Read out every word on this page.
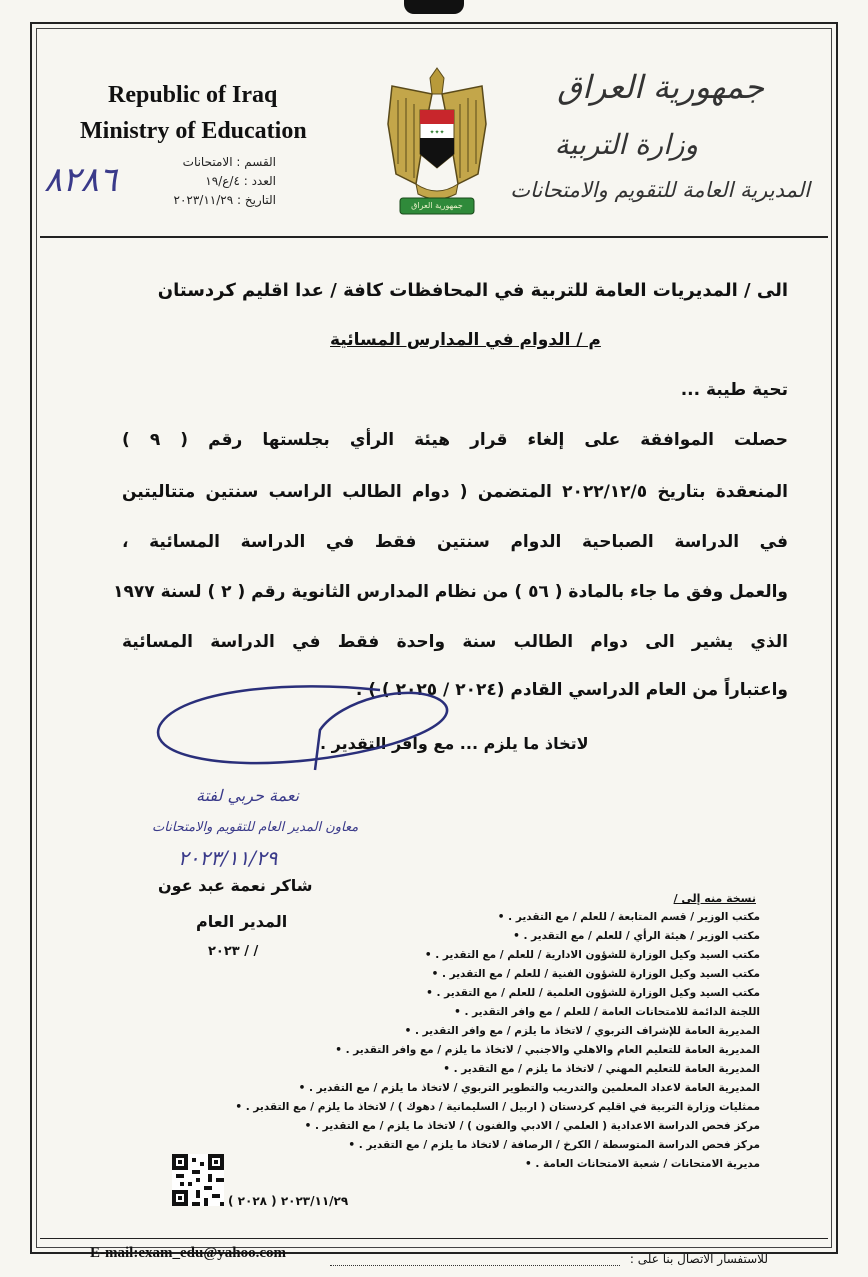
Republic of Iraq
Ministry of Education
القسم : الامتحانات
العدد : ٤/ع/١٩
التاريخ : ٢٠٢٣/١١/٢٩
٨٢٨٦
✦✦✦
جمهورية العراق
جمهورية العراق
وزارة التربية
المديرية العامة للتقويم والامتحانات
الى / المديريات العامة للتربية في المحافظات كافة / عدا اقليم كردستان
م / الدوام في المدارس المسائية
تحية طيبة ...
حصلت الموافقة على إلغاء قرار هيئة الرأي بجلستها رقم ( ٩ )
المنعقدة بتاريخ ٢٠٢٢/١٢/٥ المتضمن ( دوام الطالب الراسب سنتين متتاليتين
في الدراسة الصباحية الدوام سنتين فقط في الدراسة المسائية ،
والعمل وفق ما جاء بالمادة ( ٥٦ ) من نظام المدارس الثانوية رقم ( ٢ ) لسنة ١٩٧٧
الذي يشير الى دوام الطالب سنة واحدة فقط في الدراسة المسائية
واعتباراً من العام الدراسي القادم (٢٠٢٤ / ٢٠٢٥ ) ) .
لاتخاذ ما يلزم ... مع وافر التقدير .
نعمة حربي لفتة
معاون المدير العام للتقويم والامتحانات
٢٠٢٣/١١/٢٩
شاكر نعمة عبد عون
المدير العام
/ / ٢٠٢٣
نسخة منه إلى /
مكتب الوزير / قسم المتابعة / للعلم / مع التقدير . •
مكتب الوزير / هيئة الرأي / للعلم / مع التقدير . •
مكتب السيد وكيل الوزارة للشؤون الادارية / للعلم / مع التقدير . •
مكتب السيد وكيل الوزارة للشؤون الفنية / للعلم / مع التقدير . •
مكتب السيد وكيل الوزارة للشؤون العلمية / للعلم / مع التقدير . •
اللجنة الدائمة للامتحانات العامة / للعلم / مع وافر التقدير . •
المديرية العامة للإشراف التربوي / لاتخاذ ما يلزم / مع وافر التقدير . •
المديرية العامة للتعليم العام والاهلي والاجنبي / لاتخاذ ما يلزم / مع وافر التقدير . •
المديرية العامة للتعليم المهني / لاتخاذ ما يلزم / مع التقدير . •
المديرية العامة لاعداد المعلمين والتدريب والتطوير التربوي / لاتخاذ ما يلزم / مع التقدير . •
ممثليات وزارة التربية في اقليم كردستان ( اربيل / السليمانية / دهوك ) / لاتخاذ ما يلزم / مع التقدير . •
مركز فحص الدراسة الاعدادية ( العلمي / الادبي والفنون ) / لاتخاذ ما يلزم / مع التقدير . •
مركز فحص الدراسة المتوسطة / الكرخ / الرصافة / لاتخاذ ما يلزم / مع التقدير . •
مديرية الامتحانات / شعبة الامتحانات العامة . •
٢٠٢٣/١١/٢٩ ( ٢٠٢٨ )
E-mail:exam_edu@yahoo.com	للاستفسار الاتصال بنا على :
